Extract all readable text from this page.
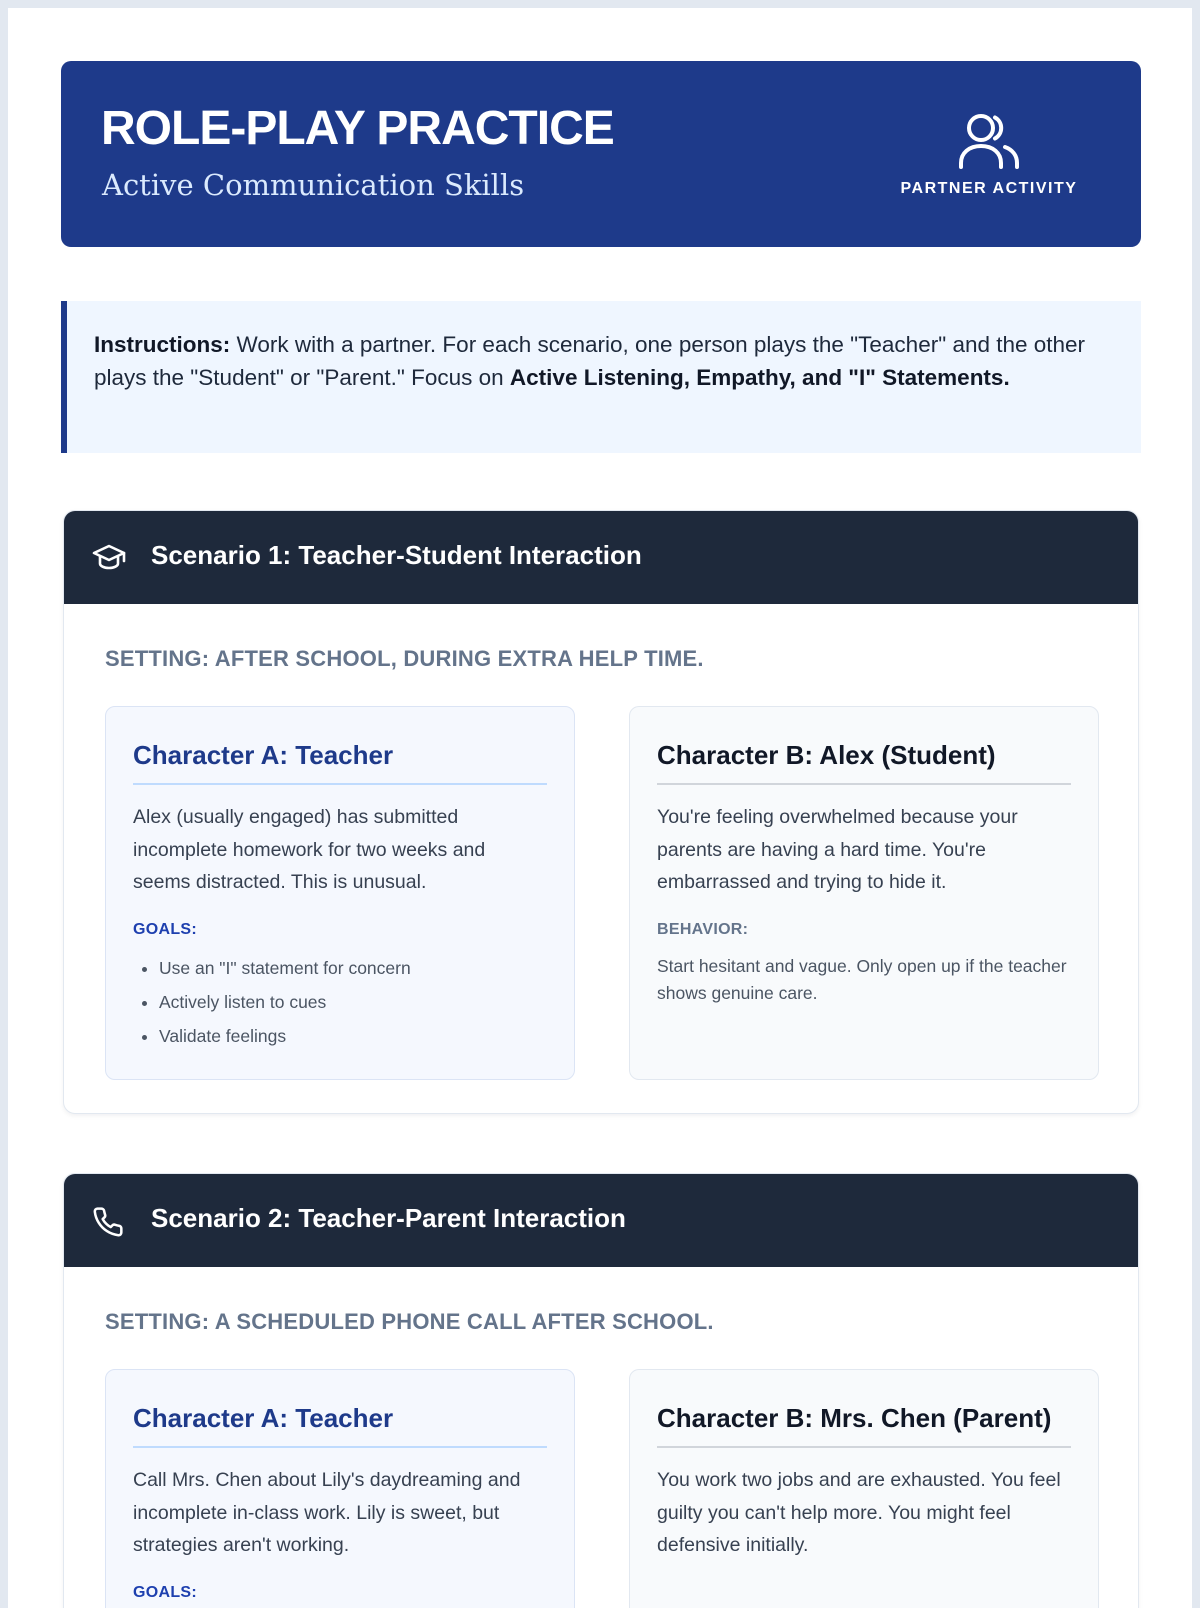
ROLE-PLAY PRACTICE
Active Communication Skills	PARTNER ACTIVITY
Instructions: Work with a partner. For each scenario, one person plays the "Teacher" and the other plays the "Student" or "Parent." Focus on Active Listening, Empathy, and "I" Statements.
Scenario 1: Teacher-Student Interaction
SETTING: AFTER SCHOOL, DURING EXTRA HELP TIME.
Character A: Teacher

Alex (usually engaged) has submitted incomplete homework for two weeks and seems distracted. This is unusual.

GOALS:
• Use an "I" statement for concern
• Actively listen to cues
• Validate feelings
Character B: Alex (Student)

You're feeling overwhelmed because your parents are having a hard time. You're embarrassed and trying to hide it.

BEHAVIOR:

Start hesitant and vague. Only open up if the teacher shows genuine care.

Scenario 2: Teacher-Parent Interaction
SETTING: A SCHEDULED PHONE CALL AFTER SCHOOL.
Character A: Teacher

Call Mrs. Chen about Lily's daydreaming and incomplete in-class work. Lily is sweet, but strategies aren't working.

GOALS:
Character B: Mrs. Chen (Parent)

You work two jobs and are exhausted. You feel guilty you can't help more. You might feel defensive initially.
